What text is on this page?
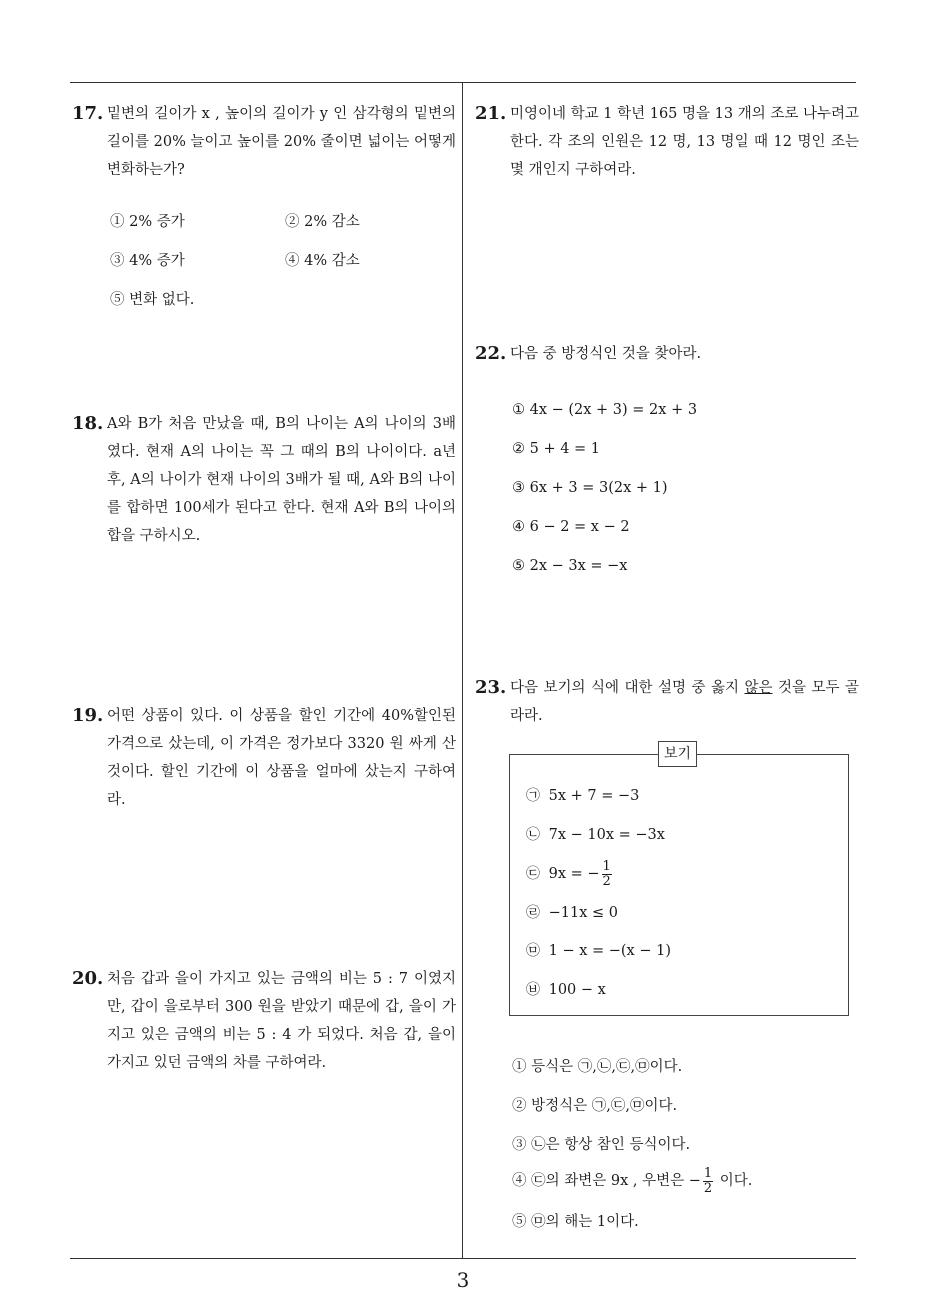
17. 밑변의 길이가 x , 높이의 길이가 y 인 삼각형의 밑변의 길이를 20% 늘이고 높이를 20% 줄이면 넓이는 어떻게 변화하는가?
① 2% 증가	② 2% 감소
③ 4% 증가	④ 4% 감소
⑤ 변화 없다.
18. A와 B가 처음 만났을 때, B의 나이는 A의 나이의 3배였다. 현재 A의 나이는 꼭 그 때의 B의 나이이다. a년 후, A의 나이가 현재 나이의 3배가 될 때, A와 B의 나이를 합하면 100세가 된다고 한다. 현재 A와 B의 나이의 합을 구하시오.
19. 어떤 상품이 있다. 이 상품을 할인 기간에 40%할인된 가격으로 샀는데, 이 가격은 정가보다 3320 원 싸게 산 것이다. 할인 기간에 이 상품을 얼마에 샀는지 구하여라.
20. 처음 갑과 을이 가지고 있는 금액의 비는 5 : 7 이였지만, 갑이 을로부터 300 원을 받았기 때문에 갑, 을이 가지고 있은 금액의 비는 5 : 4 가 되었다. 처음 갑, 을이 가지고 있던 금액의 차를 구하여라.
21. 미영이네 학교 1 학년 165 명을 13 개의 조로 나누려고 한다. 각 조의 인원은 12 명, 13 명일 때 12 명인 조는 몇 개인지 구하여라.
22. 다음 중 방정식인 것을 찾아라.
① 4x − (2x + 3) = 2x + 3
② 5 + 4 = 1
③ 6x + 3 = 3(2x + 1)
④ 6 − 2 = x − 2
⑤ 2x − 3x = −x
23. 다음 보기의 식에 대한 설명 중 옳지 않은 것을 모두 골라라.
보기
㉠ 5x + 7 = −3
㉡ 7x − 10x = −3x
㉢ 9x = − $\frac{1}{2}$
㉣ −11x ≤ 0
㉤ 1 − x = −(x − 1)
㉥ 100 − x
① 등식은 ㉠,㉡,㉢,㉤이다.
② 방정식은 ㉠,㉢,㉤이다.
③ ㉡은 항상 참인 등식이다.
④ ㉢의 좌변은 9x , 우변은 − $\frac{1}{2}$ 이다.
⑤ ㉤의 해는 1이다.
3
